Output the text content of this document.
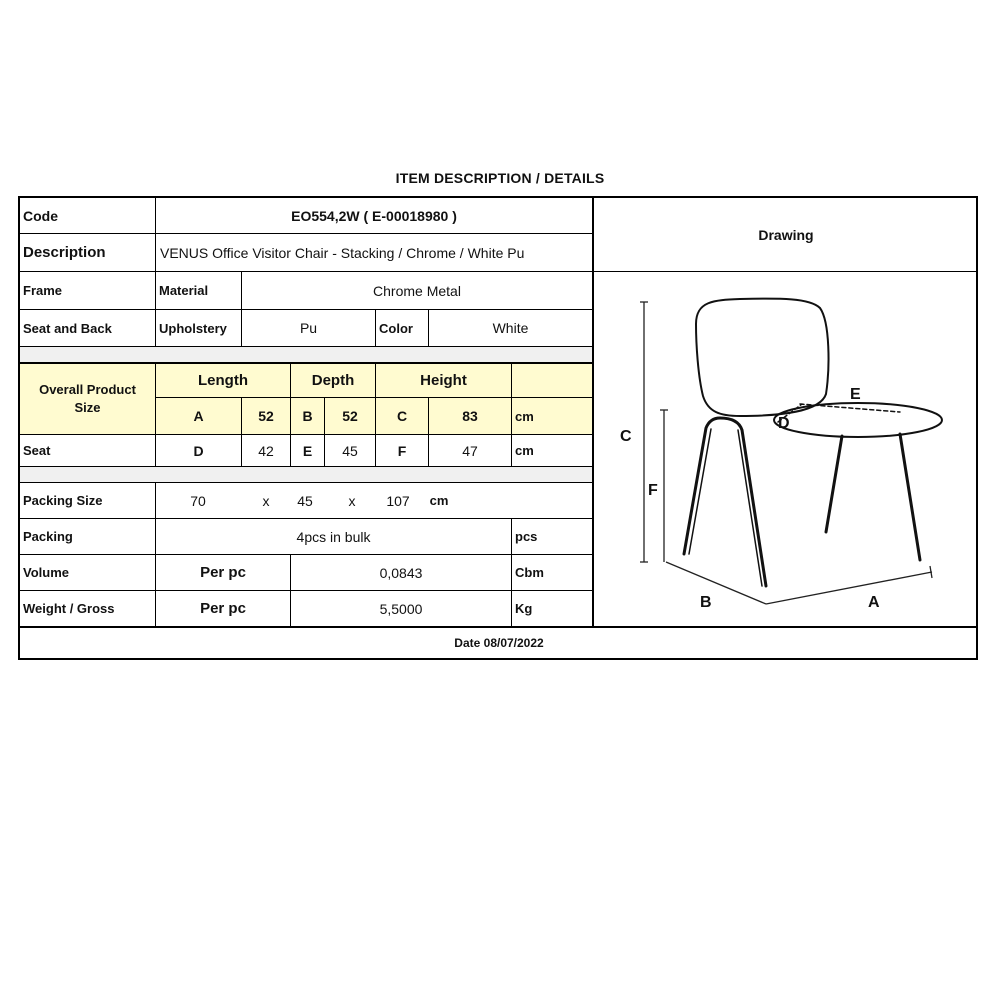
ITEM DESCRIPTION / DETAILS
Code	EO554,2W ( E-00018980 )
Description	VENUS Office Visitor Chair - Stacking / Chrome / White Pu
Drawing
Frame	Material	Chrome Metal
Seat and Back	Upholstery	Pu	Color	White
Overall Product Size
Length	Depth	Height
A	52	B	52	C	83	cm
Seat	D	42	E	45	F	47	cm
Packing Size	70	x	45	x	107	cm
Packing	4pcs in bulk	pcs
Volume	Per pc	0,0843	Cbm
Weight / Gross	Per pc	5,5000	Kg
Date 08/07/2022
C
F
B	A
D
E
